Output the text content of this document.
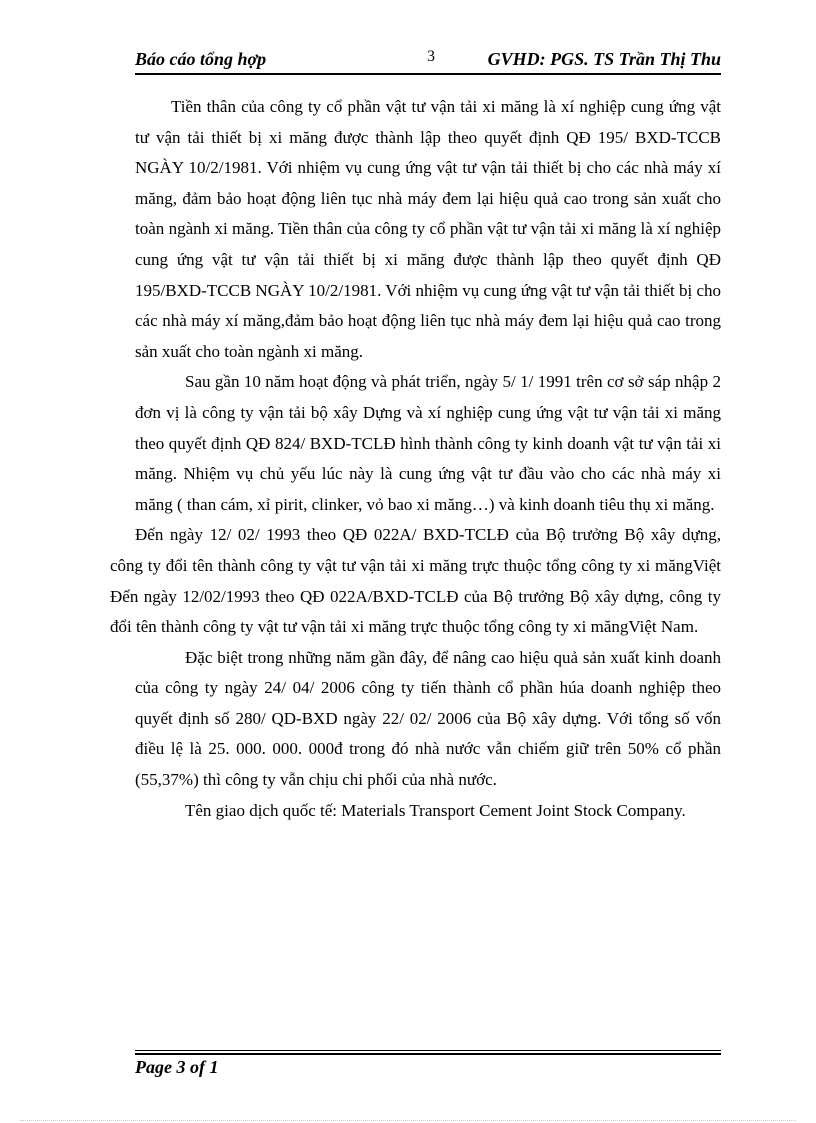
Báo cáo tổng hợp	3	GVHD: PGS. TS Trần Thị Thu

Tiền thân của công ty cổ phần vật tư vận tải xi măng là xí nghiệp cung ứng vật tư vận tải thiết bị xi măng được thành lập theo quyết định QĐ 195/ BXD-TCCB NGÀY 10/2/1981. Với nhiệm vụ cung ứng vật tư vận tải thiết bị cho các nhà máy xí măng, đảm bảo hoạt động liên tục nhà máy đem lại hiệu quả cao trong sản xuất cho toàn ngành xi măng. Tiền thân của công ty cổ phần vật tư vận tải xi măng là xí nghiệp cung ứng vật tư vận tải thiết bị xi măng được thành lập theo quyết định QĐ 195/BXD-TCCB NGÀY 10/2/1981. Với nhiệm vụ cung ứng vật tư vận tải thiết bị cho các nhà máy xí măng,đảm bảo hoạt động liên tục nhà máy đem lại hiệu quả cao trong sản xuất cho toàn ngành xi măng.

Sau gần 10 năm hoạt động và phát triển, ngày 5/ 1/ 1991 trên cơ sở sáp nhập 2 đơn vị là công ty vận tải bộ xây Dựng và xí nghiệp cung ứng vật tư vận tải xi măng theo quyết định QĐ 824/ BXD-TCLĐ hình thành công ty kinh doanh vật tư vận tải xi măng. Nhiệm vụ chủ yếu lúc này là cung ứng vật tư đầu vào cho các nhà máy xi măng ( than cám, xỉ pirit, clinker, vỏ bao xi măng…) và kinh doanh tiêu thụ xi măng.

Đến ngày 12/ 02/ 1993 theo QĐ 022A/ BXD-TCLĐ của Bộ trưởng Bộ xây dựng, công ty đổi tên thành công ty vật tư vận tải xi măng trực thuộc tổng công ty xi măngViệt Đến ngày 12/02/1993 theo QĐ 022A/BXD-TCLĐ của Bộ trưởng Bộ xây dựng, công ty đổi tên thành công ty vật tư vận tải xi măng trực thuộc tổng công ty xi măngViệt Nam.

Đặc biệt trong những năm gần đây, để nâng cao hiệu quả sản xuất kinh doanh của công ty ngày 24/ 04/ 2006 công ty tiến thành cổ phần húa doanh nghiệp theo quyết định số 280/ QD-BXD ngày 22/ 02/ 2006 của Bộ xây dựng. Với tổng số vốn điều lệ là 25. 000. 000. 000đ trong đó nhà nước vẫn chiếm giữ trên 50% cổ phần (55,37%) thì công ty vẫn chịu chi phối của nhà nước.

Tên giao dịch quốc tế: Materials Transport Cement Joint Stock Company.

Page 3 of 1
